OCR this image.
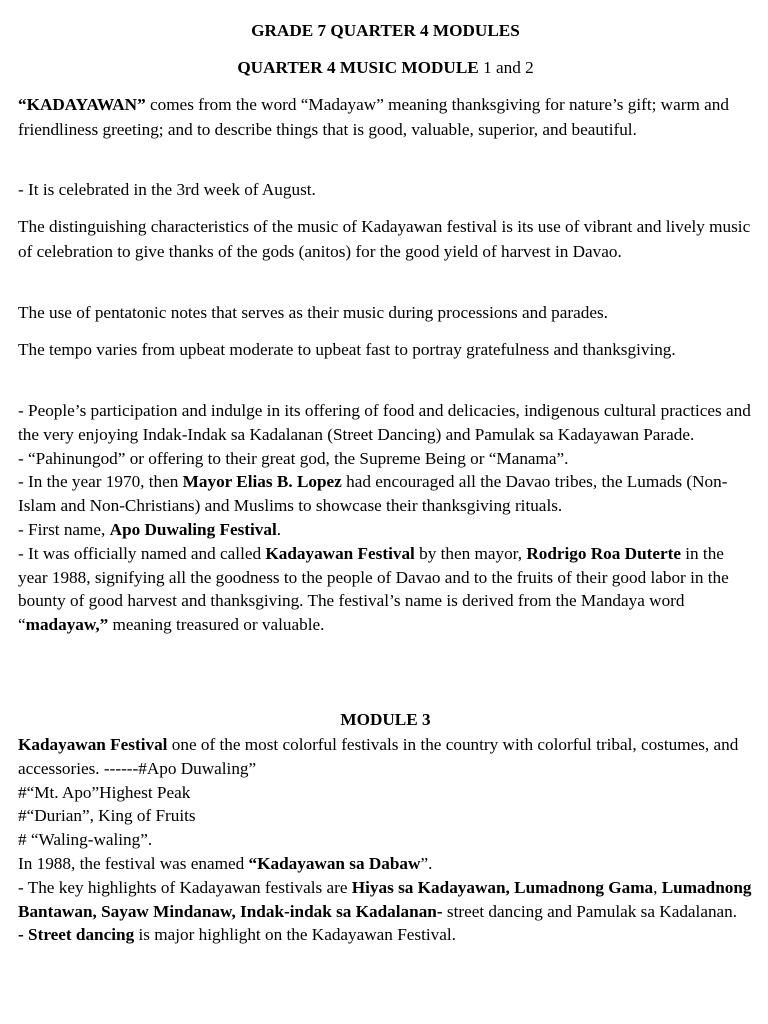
GRADE 7 QUARTER 4 MODULES

QUARTER 4 MUSIC MODULE 1 and 2

“KADAYAWAN” comes from the word “Madayaw” meaning thanksgiving for nature’s gift; warm and friendliness greeting; and to describe things that is good, valuable, superior, and beautiful.

- It is celebrated in the 3rd week of August.

The distinguishing characteristics of the music of Kadayawan festival is its use of vibrant and lively music of celebration to give thanks of the gods (anitos) for the good yield of harvest in Davao.

The use of pentatonic notes that serves as their music during processions and parades.

The tempo varies from upbeat moderate to upbeat fast to portray gratefulness and thanksgiving.

- People’s participation and indulge in its offering of food and delicacies, indigenous cultural practices and the very enjoying Indak-Indak sa Kadalanan (Street Dancing) and Pamulak sa Kadayawan Parade.

- “Pahinungod” or offering to their great god, the Supreme Being or “Manama”.

- In the year 1970, then Mayor Elias B. Lopez had encouraged all the Davao tribes, the Lumads (Non-Islam and Non-Christians) and Muslims to showcase their thanksgiving rituals.

- First name, Apo Duwaling Festival.

- It was officially named and called Kadayawan Festival by then mayor, Rodrigo Roa Duterte in the year 1988, signifying all the goodness to the people of Davao and to the fruits of their good labor in the bounty of good harvest and thanksgiving. The festival’s name is derived from the Mandaya word “madayaw,” meaning treasured or valuable.

MODULE 3

Kadayawan Festival one of the most colorful festivals in the country with colorful tribal, costumes, and accessories. ------#Apo Duwaling”

#“Mt. Apo”Highest Peak

#“Durian”, King of Fruits

# “Waling-waling”.

In 1988, the festival was enamed “Kadayawan sa Dabaw”.

- The key highlights of Kadayawan festivals are Hiyas sa Kadayawan, Lumadnong Gama, Lumadnong Bantawan, Sayaw Mindanaw, Indak-indak sa Kadalanan- street dancing and Pamulak sa Kadalanan.

- Street dancing is major highlight on the Kadayawan Festival.
